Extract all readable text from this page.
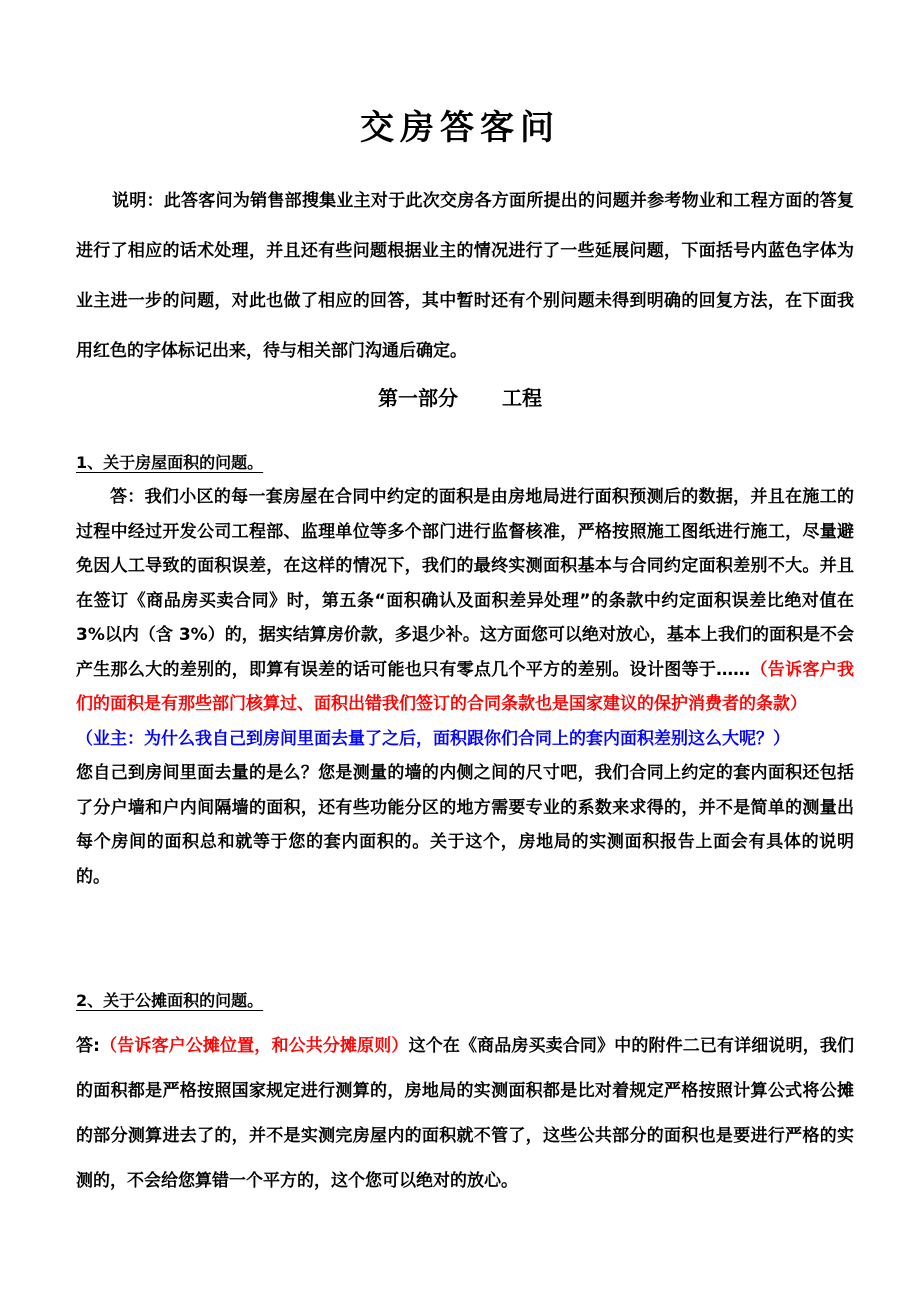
交房答客问

说明：此答客问为销售部搜集业主对于此次交房各方面所提出的问题并参考物业和工程方面的答复进行了相应的话术处理，并且还有些问题根据业主的情况进行了一些延展问题，下面括号内蓝色字体为业主进一步的问题，对此也做了相应的回答，其中暂时还有个别问题未得到明确的回复方法，在下面我用红色的字体标记出来，待与相关部门沟通后确定。

第一部分 工程
1、关于房屋面积的问题。

答：我们小区的每一套房屋在合同中约定的面积是由房地局进行面积预测后的数据，并且在施工的过程中经过开发公司工程部、监理单位等多个部门进行监督核准，严格按照施工图纸进行施工，尽量避免因人工导致的面积误差，在这样的情况下，我们的最终实测面积基本与合同约定面积差别不大。并且在签订《商品房买卖合同》时，第五条“面积确认及面积差异处理”的条款中约定面积误差比绝对值在 3%以内（含 3%）的，据实结算房价款，多退少补。这方面您可以绝对放心，基本上我们的面积是不会产生那么大的差别的，即算有误差的话可能也只有零点几个平方的差别。设计图等于……（告诉客户我们的面积是有那些部门核算过、面积出错我们签订的合同条款也是国家建议的保护消费者的条款）
（业主：为什么我自己到房间里面去量了之后，面积跟你们合同上的套内面积差别这么大呢？）
您自己到房间里面去量的是么？您是测量的墙的内侧之间的尺寸吧，我们合同上约定的套内面积还包括了分户墙和户内间隔墙的面积，还有些功能分区的地方需要专业的系数来求得的，并不是简单的测量出每个房间的面积总和就等于您的套内面积的。关于这个，房地局的实测面积报告上面会有具体的说明的。

2、关于公摊面积的问题。

答:（告诉客户公摊位置，和公共分摊原则）这个在《商品房买卖合同》中的附件二已有详细说明，我们的面积都是严格按照国家规定进行测算的，房地局的实测面积都是比对着规定严格按照计算公式将公摊的部分测算进去了的，并不是实测完房屋内的面积就不管了，这些公共部分的面积也是要进行严格的实测的，不会给您算错一个平方的，这个您可以绝对的放心。
